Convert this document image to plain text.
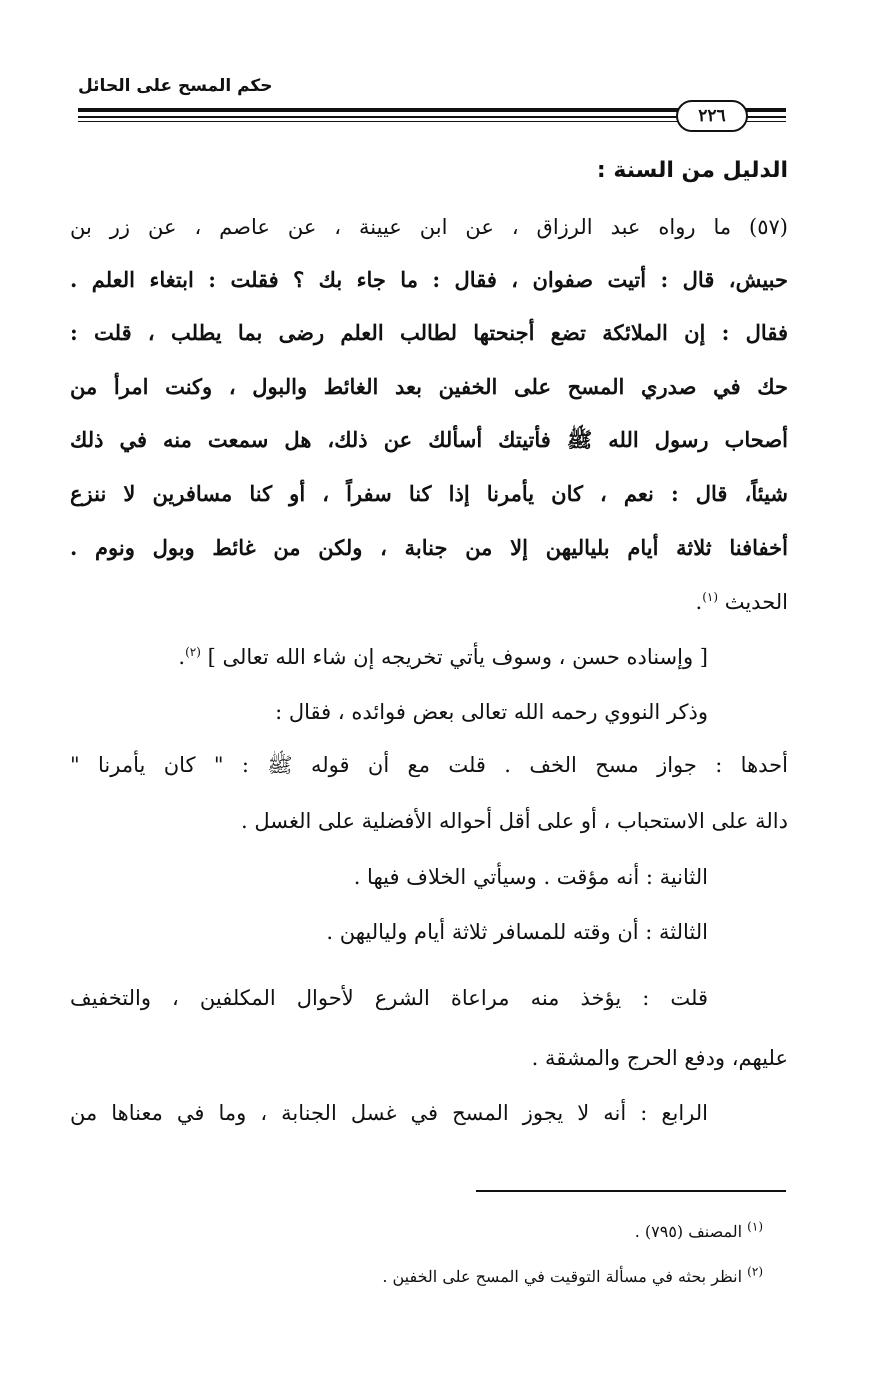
حكم المسح على الحائل
٢٢٦
الدليل من السنة :
(٥٧) ما رواه عبد الرزاق ، عن ابن عيينة ، عن عاصم ، عن زر بن
حبيش، قال : أتيت صفوان ، فقال : ما جاء بك ؟ فقلت : ابتغاء العلم .
فقال : إن الملائكة تضع أجنحتها لطالب العلم رضى بما يطلب ، قلت :
حك في صدري المسح على الخفين بعد الغائط والبول ، وكنت امرأ من
أصحاب رسول الله ﷺ فأتيتك أسألك عن ذلك، هل سمعت منه في ذلك
شيئاً، قال : نعم ، كان يأمرنا إذا كنا سفراً ، أو كنا مسافرين لا ننزع
أخفافنا ثلاثة أيام بلياليهن إلا من جنابة ، ولكن من غائط وبول ونوم .
الحديث $^{(١)}$.
[ وإسناده حسن ، وسوف يأتي تخريجه إن شاء الله تعالى ] $^{(٢)}$.
وذكر النووي رحمه الله تعالى بعض فوائده ، فقال :
أحدها : جواز مسح الخف . قلت مع أن قوله ﷺ : " كان يأمرنا "
دالة على الاستحباب ، أو على أقل أحواله الأفضلية على الغسل .
الثانية : أنه مؤقت . وسيأتي الخلاف فيها .
الثالثة : أن وقته للمسافر ثلاثة أيام ولياليهن .
قلت : يؤخذ منه مراعاة الشرع لأحوال المكلفين ، والتخفيف
عليهم، ودفع الحرج والمشقة .
الرابع : أنه لا يجوز المسح في غسل الجنابة ، وما في معناها من
$^{(١)}$ المصنف (٧٩٥) .
$^{(٢)}$ انظر بحثه في مسألة التوقيت في المسح على الخفين .
